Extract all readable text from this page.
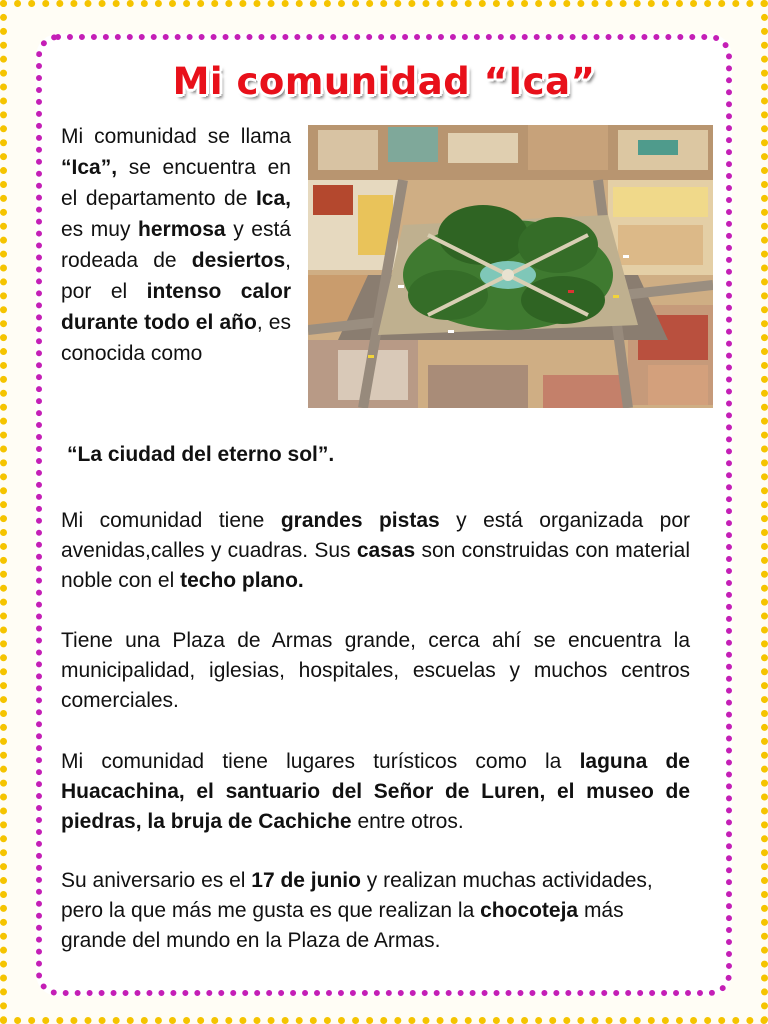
Mi comunidad “Ica”
Mi comunidad se llama “Ica”, se encuentra en el departamento de Ica, es muy hermosa y está rodeada de desiertos, por el intenso calor durante todo el año, es conocida como
“La ciudad del eterno sol”.

Mi comunidad tiene grandes pistas y está organizada por avenidas,calles y cuadras. Sus casas son construidas con material noble con el techo plano.

Tiene una Plaza de Armas grande, cerca ahí se encuentra la municipalidad, iglesias, hospitales, escuelas y muchos centros comerciales.

Mi comunidad tiene lugares turísticos como la laguna de Huacachina, el santuario del Señor de Luren, el museo de piedras, la bruja de Cachiche entre otros.

Su aniversario es el 17 de junio y realizan muchas actividades, pero la que más me gusta es que realizan la chocoteja más grande del mundo en la Plaza de Armas.
